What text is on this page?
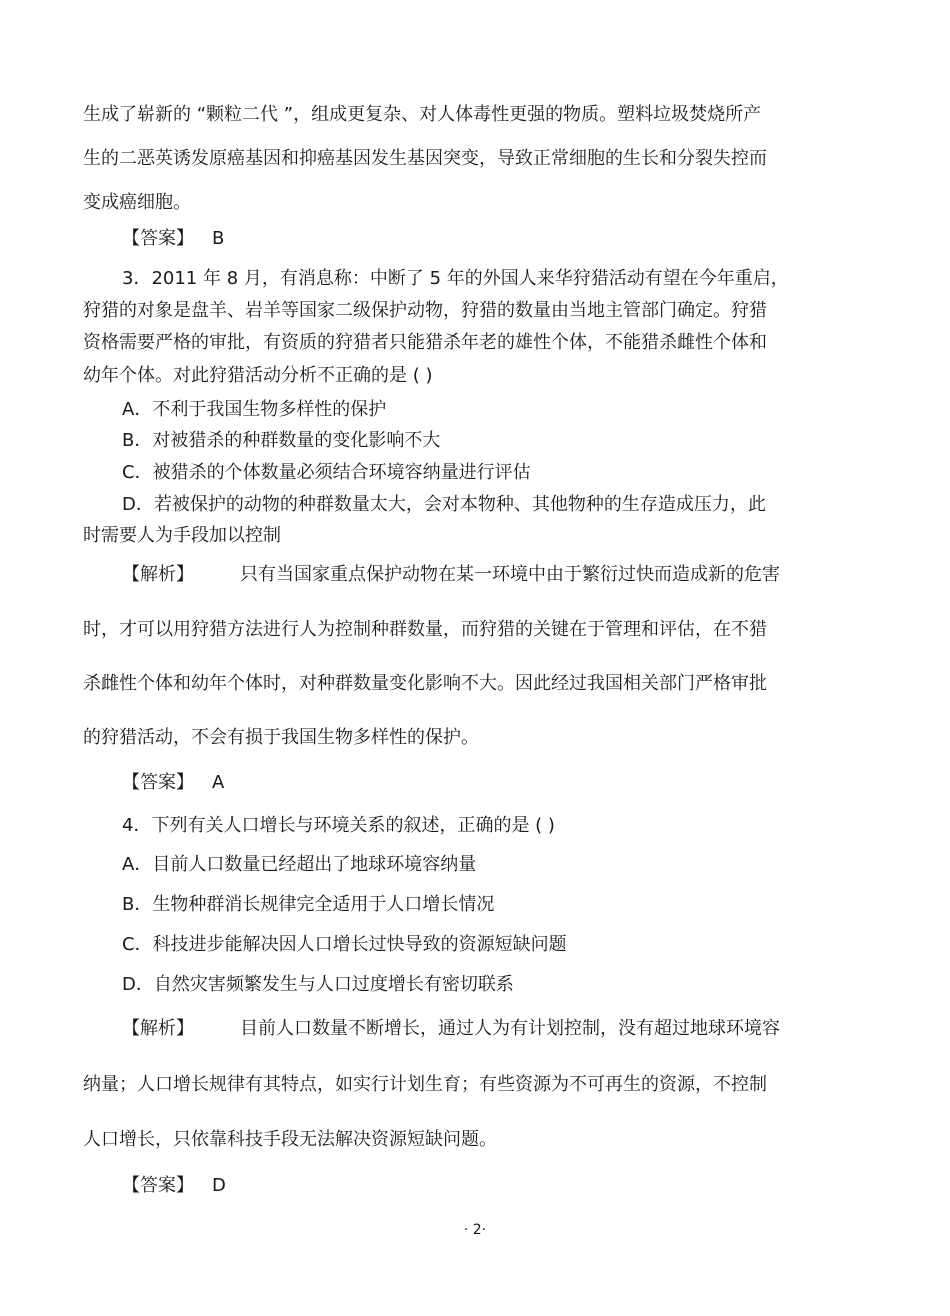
生成了崭新的 “颗粒二代 ”，组成更复杂、对人体毒性更强的物质。塑料垃圾焚烧所产
生的二恶英诱发原癌基因和抑癌基因发生基因突变，导致正常细胞的生长和分裂失控而
变成癌细胞。
【答案】 B
3．2011 年 8 月，有消息称：中断了 5 年的外国人来华狩猎活动有望在今年重启，
狩猎的对象是盘羊、岩羊等国家二级保护动物，狩猎的数量由当地主管部门确定。狩猎
资格需要严格的审批，有资质的狩猎者只能猎杀年老的雄性个体，不能猎杀雌性个体和
幼年个体。对此狩猎活动分析不正确的是 ( )
A．不利于我国生物多样性的保护
B．对被猎杀的种群数量的变化影响不大
C．被猎杀的个体数量必须结合环境容纳量进行评估
D．若被保护的动物的种群数量太大，会对本物种、其他物种的生存造成压力，此
时需要人为手段加以控制
【解析】	只有当国家重点保护动物在某一环境中由于繁衍过快而造成新的危害
时，才可以用狩猎方法进行人为控制种群数量，而狩猎的关键在于管理和评估，在不猎
杀雌性个体和幼年个体时，对种群数量变化影响不大。因此经过我国相关部门严格审批
的狩猎活动，不会有损于我国生物多样性的保护。
【答案】 A
4．下列有关人口增长与环境关系的叙述，正确的是 ( )
A．目前人口数量已经超出了地球环境容纳量
B．生物种群消长规律完全适用于人口增长情况
C．科技进步能解决因人口增长过快导致的资源短缺问题
D．自然灾害频繁发生与人口过度增长有密切联系
【解析】	目前人口数量不断增长，通过人为有计划控制，没有超过地球环境容
纳量；人口增长规律有其特点，如实行计划生育；有些资源为不可再生的资源，不控制
人口增长，只依靠科技手段无法解决资源短缺问题。
【答案】 D
· 2·
